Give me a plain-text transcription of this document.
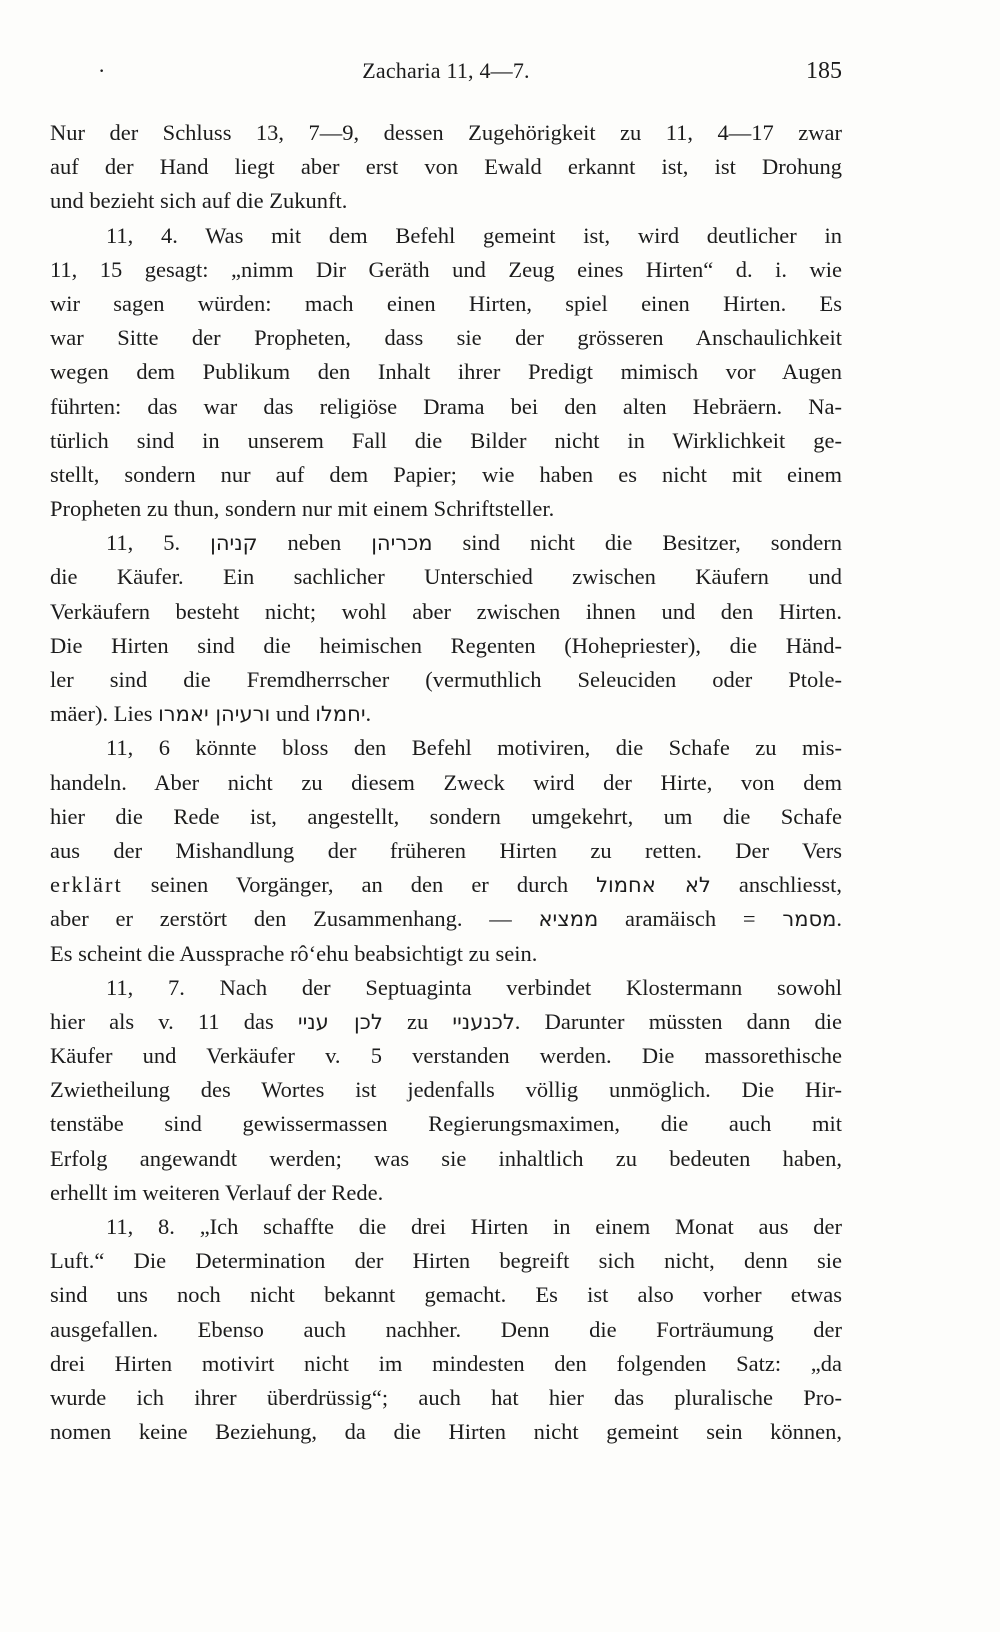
·	Zacharia 11, 4—7.	185
Nur der Schluss 13, 7—9, dessen Zugehörigkeit zu 11, 4—17 zwar
auf der Hand liegt aber erst von Ewald erkannt ist, ist Drohung
und bezieht sich auf die Zukunft.
11, 4. Was mit dem Befehl gemeint ist, wird deutlicher in
11, 15 gesagt: „nimm Dir Geräth und Zeug eines Hirten“ d. i. wie
wir sagen würden: mach einen Hirten, spiel einen Hirten. Es
war Sitte der Propheten, dass sie der grösseren Anschaulichkeit
wegen dem Publikum den Inhalt ihrer Predigt mimisch vor Augen
führten: das war das religiöse Drama bei den alten Hebräern. Na-
türlich sind in unserem Fall die Bilder nicht in Wirklichkeit ge-
stellt, sondern nur auf dem Papier; wie haben es nicht mit einem
Propheten zu thun, sondern nur mit einem Schriftsteller.
11, 5. קניהן neben מכריהן sind nicht die Besitzer, sondern
die Käufer. Ein sachlicher Unterschied zwischen Käufern und
Verkäufern besteht nicht; wohl aber zwischen ihnen und den Hirten.
Die Hirten sind die heimischen Regenten (Hohepriester), die Händ-
ler sind die Fremdherrscher (vermuthlich Seleuciden oder Ptole-
mäer). Lies ורעיהן יאמרו und יחמלו.
11, 6 könnte bloss den Befehl motiviren, die Schafe zu mis-
handeln. Aber nicht zu diesem Zweck wird der Hirte, von dem
hier die Rede ist, angestellt, sondern umgekehrt, um die Schafe
aus der Mishandlung der früheren Hirten zu retten. Der Vers
erklärt seinen Vorgänger, an den er durch לא אחמול anschliesst,
aber er zerstört den Zusammenhang. — ממציא aramäisch = מסמר.
Es scheint die Aussprache rô‘ehu beabsichtigt zu sein.
11, 7. Nach der Septuaginta verbindet Klostermann sowohl
hier als v. 11 das לכן עניי zu לכנעניי. Darunter müssten dann die
Käufer und Verkäufer v. 5 verstanden werden. Die massorethische
Zwietheilung des Wortes ist jedenfalls völlig unmöglich. Die Hir-
tenstäbe sind gewissermassen Regierungsmaximen, die auch mit
Erfolg angewandt werden; was sie inhaltlich zu bedeuten haben,
erhellt im weiteren Verlauf der Rede.
11, 8. „Ich schaffte die drei Hirten in einem Monat aus der
Luft.“ Die Determination der Hirten begreift sich nicht, denn sie
sind uns noch nicht bekannt gemacht. Es ist also vorher etwas
ausgefallen. Ebenso auch nachher. Denn die Forträumung der
drei Hirten motivirt nicht im mindesten den folgenden Satz: „da
wurde ich ihrer überdrüssig“; auch hat hier das pluralische Pro-
nomen keine Beziehung, da die Hirten nicht gemeint sein können,
